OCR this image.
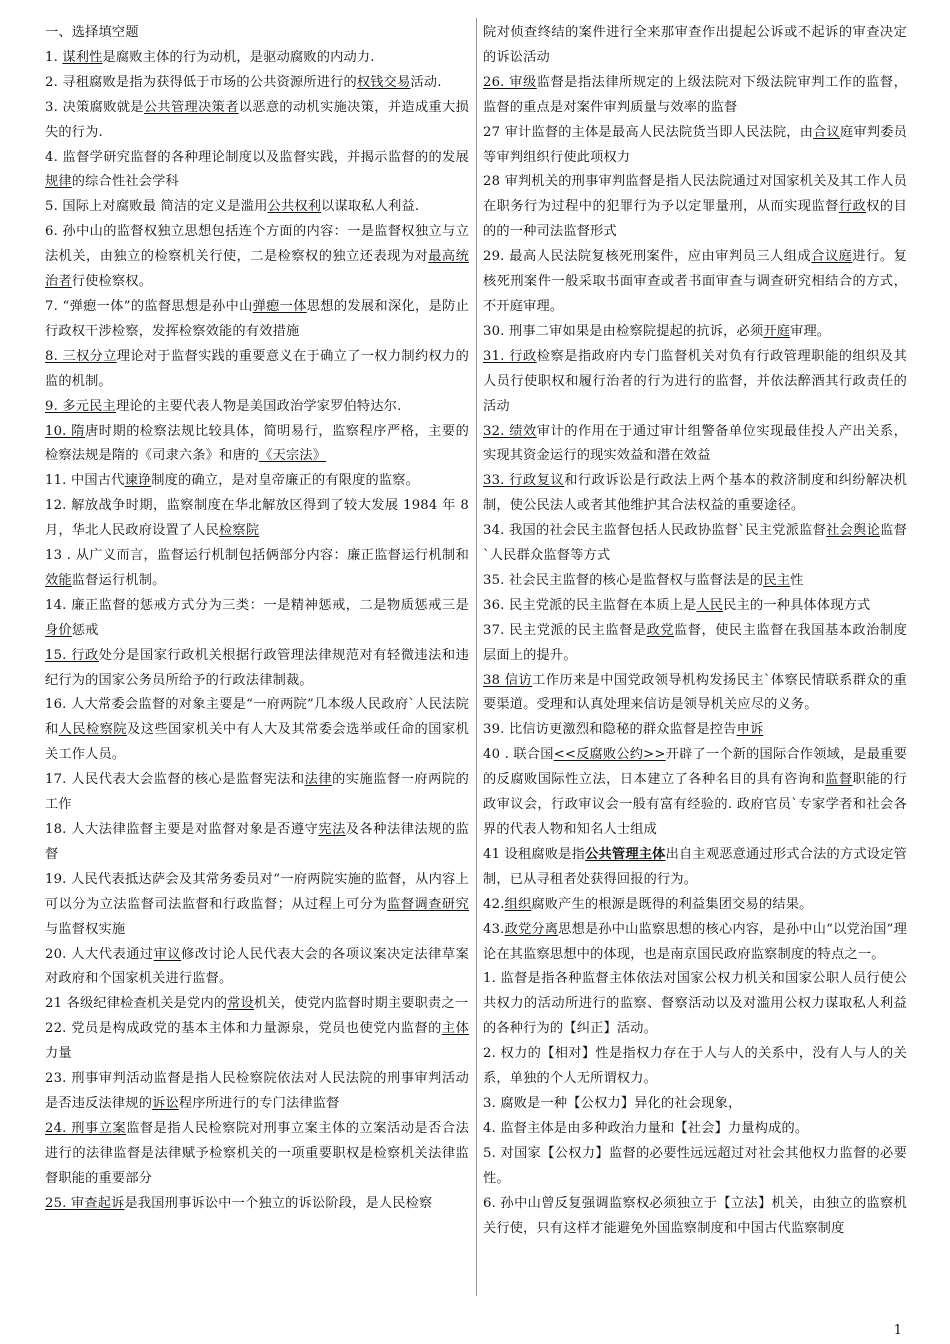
一、选择填空题

1. 谋利性是腐败主体的行为动机，是驱动腐败的内动力.

2. 寻租腐败是指为获得低于市场的公共资源所进行的权钱交易活动.

3. 决策腐败就是公共管理决策者以恶意的动机实施决策，并造成重大损失的行为.

4. 监督学研究监督的各种理论制度以及监督实践，并揭示监督的的发展规律的综合性社会学科

5. 国际上对腐败最 简洁的定义是滥用公共权利以谋取私人利益.

6. 孙中山的监督权独立思想包括连个方面的内容：一是监督权独立与立法机关，由独立的检察机关行使，二是检察权的独立还表现为对最高统治者行使检察权。

7. “弹瘛一体”的监督思想是孙中山弹瘛一体思想的发展和深化，是防止行政权干涉检察，发挥检察效能的有效措施

8. 三权分立理论对于监督实践的重要意义在于确立了一权力制约权力的监的机制。

9. 多元民主理论的主要代表人物是美国政治学家罗伯特达尔.

10. 隋唐时期的检察法规比较具体，简明易行，监察程序严格，主要的检察法规是隋的《司隶六条》和唐的《天宗法》

11. 中国古代谏诤制度的确立，是对皇帝廉正的有限度的监察。

12. 解放战争时期，监察制度在华北解放区得到了较大发展 1984 年 8 月，华北人民政府设置了人民检察院

13 . 从广义而言，监督运行机制包括俩部分内容：廉正监督运行机制和效能监督运行机制。

14. 廉正监督的惩戒方式分为三类：一是精神惩戒，二是物质惩戒三是身价惩戒

15. 行政处分是国家行政机关根据行政管理法律规范对有轻微违法和违纪行为的国家公务员所给予的行政法律制裁。

16. 人大常委会监督的对象主要是“一府两院”几本级人民政府`人民法院和人民检察院及这些国家机关中有人大及其常委会选举或任命的国家机关工作人员。

17. 人民代表大会监督的核心是监督宪法和法律的实施监督一府两院的工作

18. 人大法律监督主要是对监督对象是否遵守宪法及各种法律法规的监督

19. 人民代表抵达萨会及其常务委员对“一府两院实施的监督，从内容上可以分为立法监督司法监督和行政监督；从过程上可分为监督调查研究与监督权实施

20. 人大代表通过审议修改讨论人民代表大会的各项议案决定法律草案对政府和个国家机关进行监督。

21 各级纪律检查机关是党内的常设机关，使党内监督时期主要职责之一

22. 党员是构成政党的基本主体和力量源泉，党员也使党内监督的主体力量

23. 刑事审判活动监督是指人民检察院依法对人民法院的刑事审判活动是否违反法律规的诉讼程序所进行的专门法律监督

24. 刑事立案监督是指人民检察院对刑事立案主体的立案活动是否合法进行的法律监督是法律赋予检察机关的一项重要职权是检察机关法律监督职能的重要部分

25. 审查起诉是我国刑事诉讼中一个独立的诉讼阶段，是人民检察

院对侦查终结的案件进行全来那审查作出提起公诉或不起诉的审查决定的诉讼活动

26. 审级监督是指法律所规定的上级法院对下级法院审判工作的监督，监督的重点是对案件审判质量与效率的监督

27 审计监督的主体是最高人民法院货当即人民法院，由合议庭审判委员等审判组织行使此项权力

28 审判机关的刑事审判监督是指人民法院通过对国家机关及其工作人员在职务行为过程中的犯罪行为予以定罪量刑，从而实现监督行政权的目的的一种司法监督形式

29. 最高人民法院复核死刑案件，应由审判员三人组成合议庭进行。复核死刑案件一般采取书面审查或者书面审查与调查研究相结合的方式，不开庭审理。

30. 刑事二审如果是由检察院提起的抗诉，必须开庭审理。

31. 行政检察是指政府内专门监督机关对负有行政管理职能的组织及其人员行使职权和履行治者的行为进行的监督，并依法醉酒其行政责任的活动

32. 绩效审计的作用在于通过审计组警备单位实现最佳投人产出关系，实现其资金运行的现实效益和潜在效益

33. 行政复议和行政诉讼是行政法上两个基本的救济制度和纠纷解决机制，使公民法人或者其他维护其合法权益的重要途径。

34. 我国的社会民主监督包括人民政协监督`民主党派监督社会舆论监督`人民群众监督等方式

35. 社会民主监督的核心是监督权与监督法是的民主性

36. 民主党派的民主监督在本质上是人民民主的一种具体体现方式

37. 民主党派的民主监督是政党监督，使民主监督在我国基本政治制度层面上的提升。

38 信访工作历来是中国党政领导机构发扬民主`体察民情联系群众的重要渠道。受理和认真处理来信访是领导机关应尽的义务。

39. 比信访更激烈和隐秘的群众监督是控告申诉

40 . 联合国<<反腐败公约>>开辟了一个新的国际合作领域，是最重要的反腐败国际性立法，日本建立了各种名目的具有咨询和监督职能的行政审议会，行政审议会一般有富有经验的. 政府官员`专家学者和社会各界的代表人物和知名人士组成

41 设租腐败是指公共管理主体出自主观恶意通过形式合法的方式设定管制，已从寻租者处获得回报的行为。

42.组织腐败产生的根源是既得的利益集团交易的结果。

43.政党分离思想是孙中山监察思想的核心内容，是孙中山“以党治国”理论在其监察思想中的体现，也是南京国民政府监察制度的特点之一。

1. 监督是指各种监督主体依法对国家公权力机关和国家公职人员行使公共权力的活动所进行的监察、督察活动以及对滥用公权力谋取私人利益的各种行为的【纠正】活动。

2. 权力的【相对】性是指权力存在于人与人的关系中，没有人与人的关系，单独的个人无所谓权力。

3. 腐败是一种【公权力】异化的社会现象，

4. 监督主体是由多种政治力量和【社会】力量构成的。

5. 对国家【公权力】监督的必要性远远超过对社会其他权力监督的必要性。

6. 孙中山曾反复强调监察权必须独立于【立法】机关，由独立的监察机关行使，只有这样才能避免外国监察制度和中国古代监察制度

1
